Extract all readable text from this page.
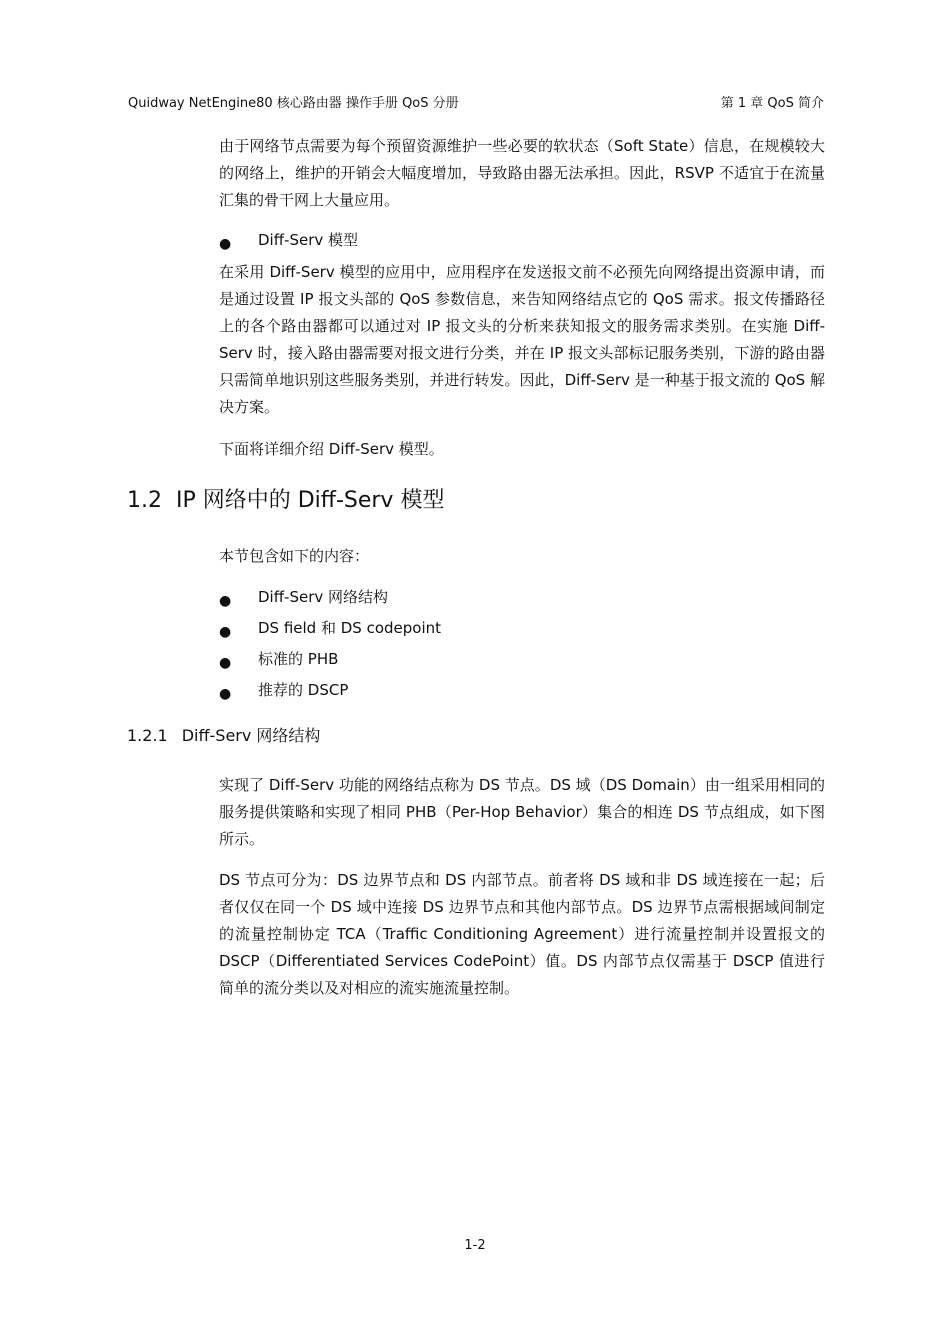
Quidway NetEngine80 核心路由器 操作手册 QoS 分册	第 1 章 QoS 简介
由于网络节点需要为每个预留资源维护一些必要的软状态（Soft State）信息，在规模较大的网络上，维护的开销会大幅度增加，导致路由器无法承担。因此，RSVP 不适宜于在流量汇集的骨干网上大量应用。
● Diff-Serv 模型
在采用 Diff-Serv 模型的应用中，应用程序在发送报文前不必预先向网络提出资源申请，而是通过设置 IP 报文头部的 QoS 参数信息，来告知网络结点它的 QoS 需求。报文传播路径上的各个路由器都可以通过对 IP 报文头的分析来获知报文的服务需求类别。在实施 Diff-Serv 时，接入路由器需要对报文进行分类，并在 IP 报文头部标记服务类别，下游的路由器只需简单地识别这些服务类别，并进行转发。因此，Diff-Serv 是一种基于报文流的 QoS 解决方案。
下面将详细介绍 Diff-Serv 模型。
1.2 IP 网络中的 Diff-Serv 模型
本节包含如下的内容：
● Diff-Serv 网络结构
● DS field 和 DS codepoint
● 标准的 PHB
● 推荐的 DSCP
1.2.1 Diff-Serv 网络结构
实现了 Diff-Serv 功能的网络结点称为 DS 节点。DS 域（DS Domain）由一组采用相同的服务提供策略和实现了相同 PHB（Per-Hop Behavior）集合的相连 DS 节点组成，如下图所示。
DS 节点可分为：DS 边界节点和 DS 内部节点。前者将 DS 域和非 DS 域连接在一起；后者仅仅在同一个 DS 域中连接 DS 边界节点和其他内部节点。DS 边界节点需根据域间制定的流量控制协定 TCA（Traffic Conditioning Agreement）进行流量控制并设置报文的 DSCP（Differentiated Services CodePoint）值。DS 内部节点仅需基于 DSCP 值进行简单的流分类以及对相应的流实施流量控制。
1-2
